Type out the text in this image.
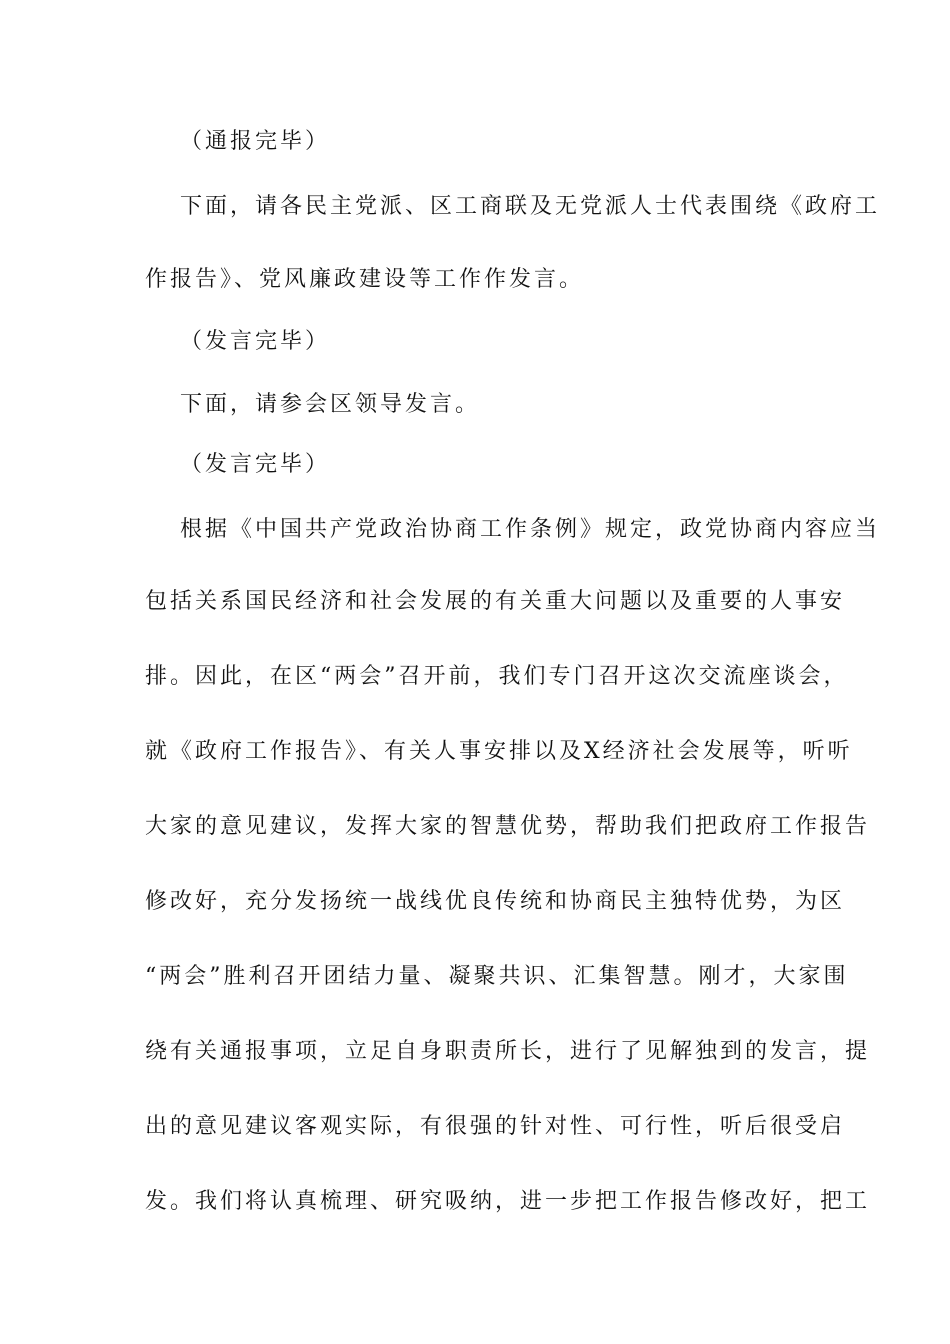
（通报完毕）
下面，请各民主党派、区工商联及无党派人士代表围绕《政府工
作报告》、党风廉政建设等工作作发言。
（发言完毕）
下面，请参会区领导发言。
（发言完毕）
根据《中国共产党政治协商工作条例》规定，政党协商内容应当
包括关系国民经济和社会发展的有关重大问题以及重要的人事安
排。因此，在区“两会”召开前，我们专门召开这次交流座谈会，
就《政府工作报告》、有关人事安排以及X经济社会发展等，听听
大家的意见建议，发挥大家的智慧优势，帮助我们把政府工作报告
修改好，充分发扬统一战线优良传统和协商民主独特优势，为区
“两会”胜利召开团结力量、凝聚共识、汇集智慧。刚才，大家围
绕有关通报事项，立足自身职责所长，进行了见解独到的发言，提
出的意见建议客观实际，有很强的针对性、可行性，听后很受启
发。我们将认真梳理、研究吸纳，进一步把工作报告修改好，把工
